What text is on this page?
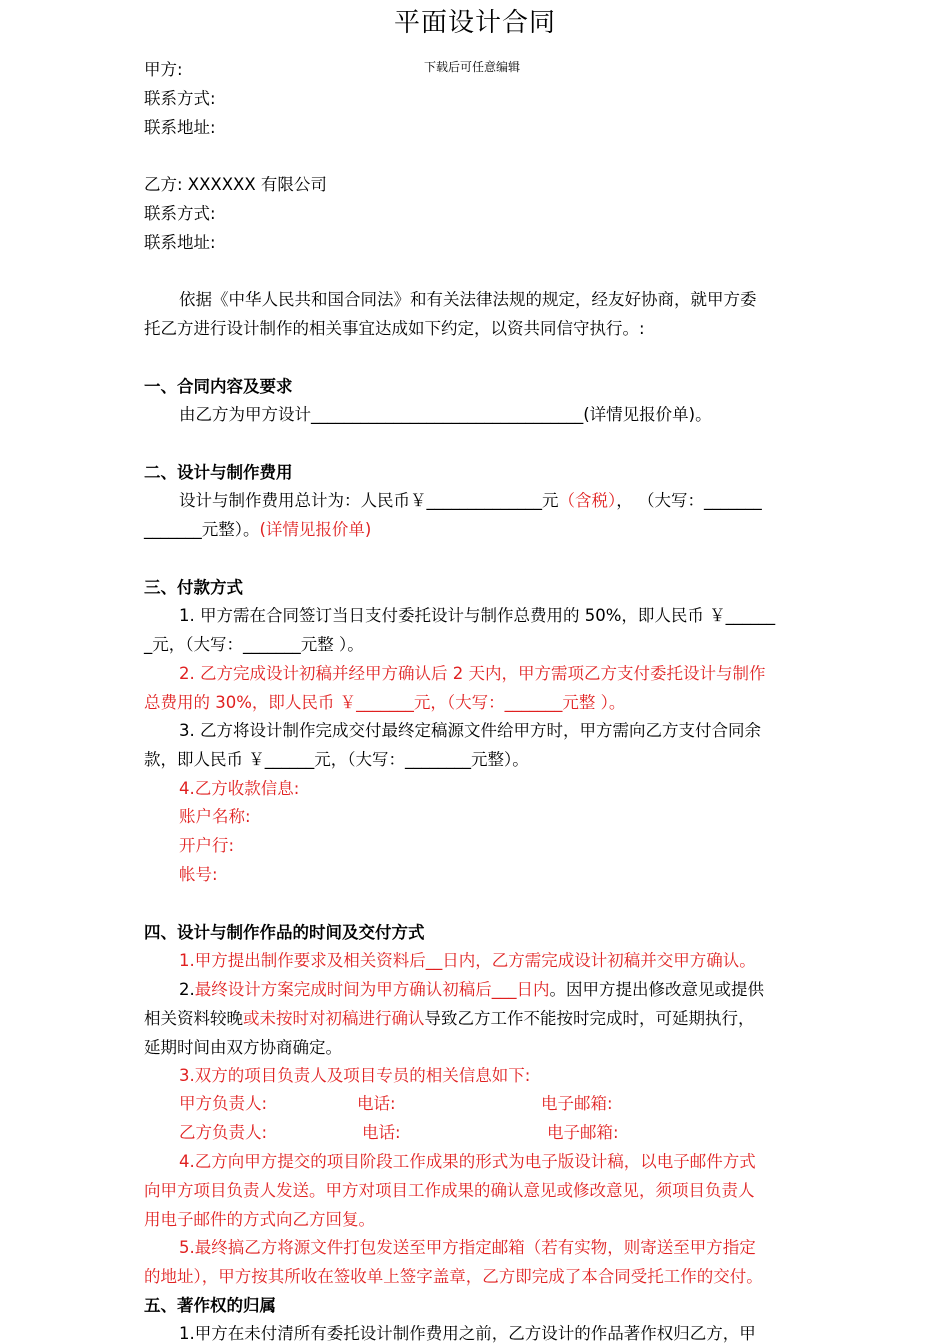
平面设计合同
下载后可任意编辑
甲方:
联系方式:
联系地址:
乙方: XXXXXX 有限公司
联系方式:
联系地址:
依据《中华人民共和国合同法》和有关法律法规的规定，经友好协商，就甲方委
托乙方进行设计制作的相关事宜达成如下约定，以资共同信守执行。:
一、合同内容及要求
由乙方为甲方设计_________________________________(详情见报价单)。
二、设计与制作费用
设计与制作费用总计为：人民币￥______________元（含税）， （大写：_______
_______元整）。(详情见报价单)
三、付款方式
1. 甲方需在合同签订当日支付委托设计与制作总费用的 50%，即人民币 ￥______
_元，（大写：_______元整 ）。
2. 乙方完成设计初稿并经甲方确认后 2 天内，甲方需项乙方支付委托设计与制作
总费用的 30%，即人民币 ￥_______元，（大写：_______元整 ）。
3. 乙方将设计制作完成交付最终定稿源文件给甲方时，甲方需向乙方支付合同余
款，即人民币 ￥______元，（大写：________元整）。
4.乙方收款信息:
账户名称:
开户行:
帐号:
四、设计与制作作品的时间及交付方式
1.甲方提出制作要求及相关资料后__日内，乙方需完成设计初稿并交甲方确认。
2.最终设计方案完成时间为甲方确认初稿后___日内。因甲方提出修改意见或提供
相关资料较晚或未按时对初稿进行确认导致乙方工作不能按时完成时，可延期执行，
延期时间由双方协商确定。
3.双方的项目负责人及项目专员的相关信息如下:
甲方负责人:	电话:	电子邮箱:
乙方负责人:	电话:	电子邮箱:
4.乙方向甲方提交的项目阶段工作成果的形式为电子版设计稿，以电子邮件方式
向甲方项目负责人发送。甲方对项目工作成果的确认意见或修改意见，须项目负责人
用电子邮件的方式向乙方回复。
5.最终搞乙方将源文件打包发送至甲方指定邮箱（若有实物，则寄送至甲方指定
的地址），甲方按其所收在签收单上签字盖章，乙方即完成了本合同受托工作的交付。
五、著作权的归属
1.甲方在未付清所有委托设计制作费用之前，乙方设计的作品著作权归乙方，甲
